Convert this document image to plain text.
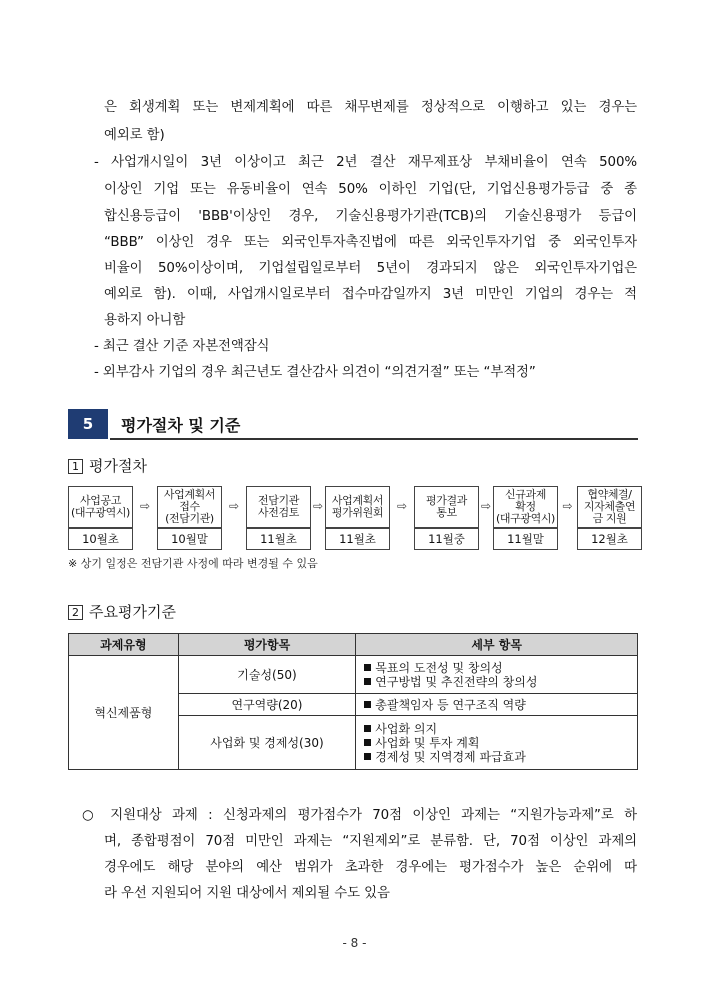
은 회생계획 또는 변제계획에 따른 채무변제를 정상적으로 이행하고 있는 경우는
예외로 함)
- 사업개시일이 3년 이상이고 최근 2년 결산 재무제표상 부채비율이 연속 500%
이상인 기업 또는 유동비율이 연속 50% 이하인 기업(단, 기업신용평가등급 중 종
합신용등급이 'BBB'이상인 경우, 기술신용평가기관(TCB)의 기술신용평가 등급이
“BBB” 이상인 경우 또는 외국인투자촉진법에 따른 외국인투자기업 중 외국인투자
비율이 50%이상이며, 기업설립일로부터 5년이 경과되지 않은 외국인투자기업은
예외로 함). 이때, 사업개시일로부터 접수마감일까지 3년 미만인 기업의 경우는 적
용하지 아니함
- 최근 결산 기준 자본전액잠식
- 외부감사 기업의 경우 최근년도 결산감사 의견이 “의견거절” 또는 “부적정”
5	평가절차 및 기준
1 평가절차
사업공고
(대구광역시)
10월초
⇨
사업계획서
접수
(전담기관)
10월말
⇨	전담기관
사전검토
11월초
⇨ 사업계획서
평가위원회
11월초
⇨	평가결과
통보
11월중
⇨
신규과제
확정
(대구광역시)
11월말
⇨
협약체결/
지자체출연
금 지원
12월초
※ 상기 일정은 전담기관 사정에 따라 변경될 수 있음
2 주요평가기준
과제유형	평가항목	세부 항목
혁신제품형	기술성(50)	목표의 도전성 및 창의성
연구방법 및 추진전략의 창의성

	연구역량(20)	총괄책임자 등 연구조직 역량

	사업화 및 경제성(30)	사업화 의지
사업화 및 투자 계획
경제성 및 지역경제 파급효과
○ 지원대상 과제 : 신청과제의 평가점수가 70점 이상인 과제는 “지원가능과제”로 하
며, 종합평점이 70점 미만인 과제는 “지원제외”로 분류함. 단, 70점 이상인 과제의
경우에도 해당 분야의 예산 범위가 초과한 경우에는 평가점수가 높은 순위에 따
라 우선 지원되어 지원 대상에서 제외될 수도 있음
- 8 -
